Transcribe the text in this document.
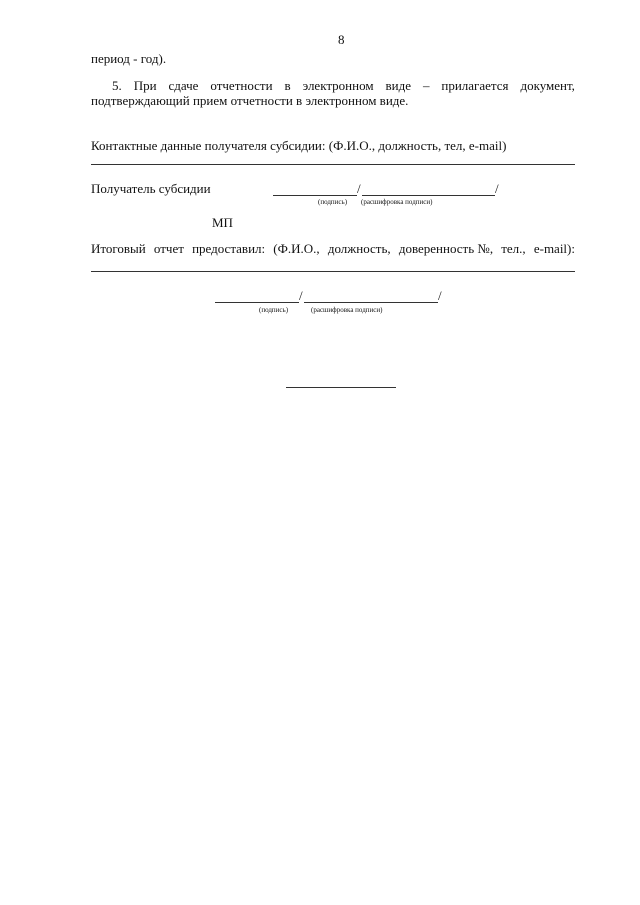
8
период - год).
5. При сдаче отчетности в электронном виде – прилагается документ,
подтверждающий прием отчетности в электронном виде.
Контактные данные получателя субсидии: (Ф.И.О., должность, тел, e-mail)
Получатель субсидии	/	/
(подпись) (расшифровка подписи)
МП
Итоговый отчет предоставил: (Ф.И.О., должность, доверенность №, тел., e-mail):
/	/
(подпись)	(расшифровка подписи)
